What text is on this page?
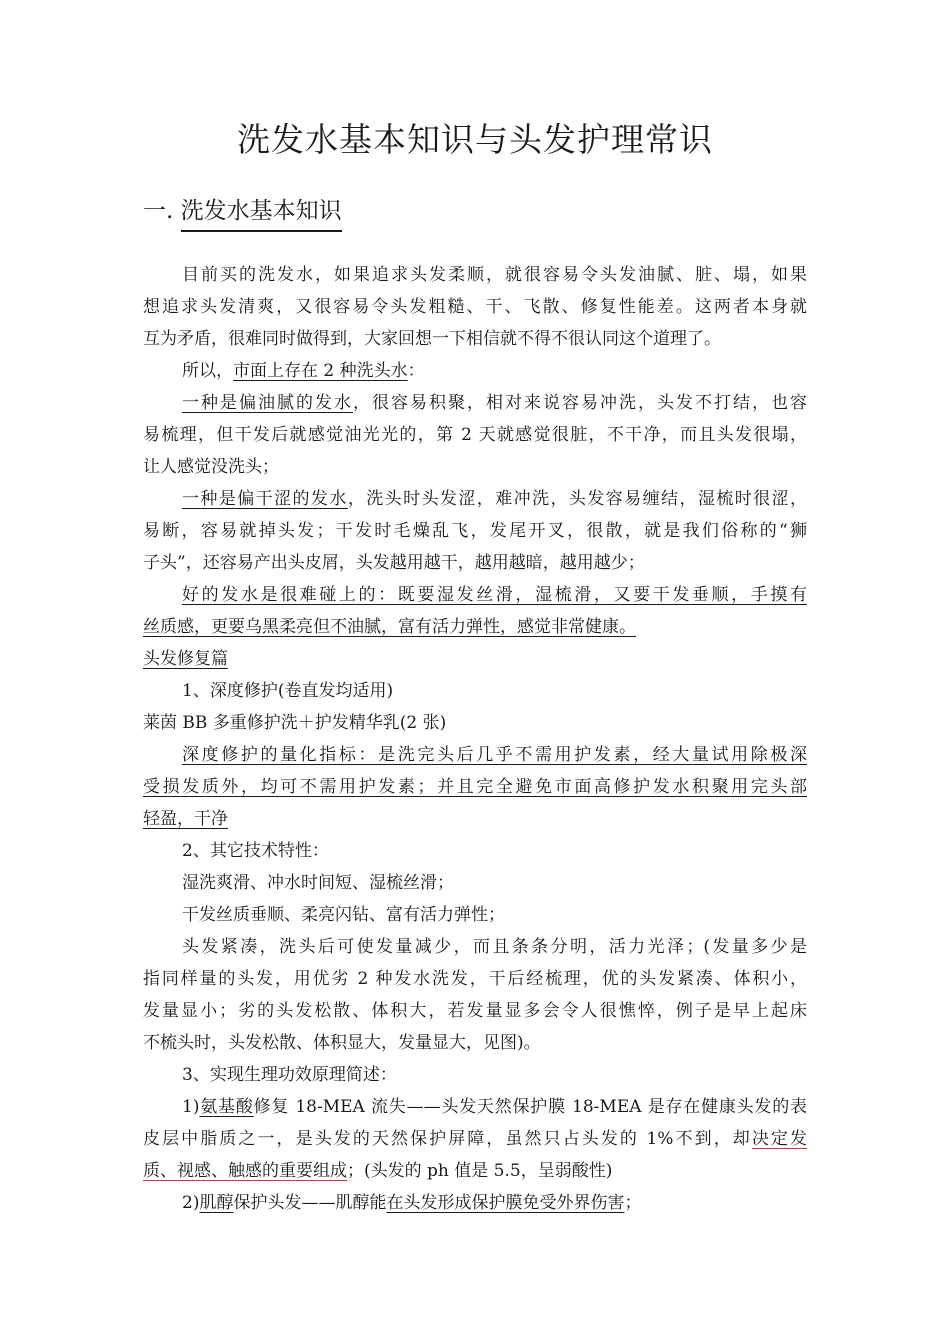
洗发水基本知识与头发护理常识
一. 洗发水基本知识
目前买的洗发水，如果追求头发柔顺，就很容易令头发油腻、脏、塌，如果
想追求头发清爽，又很容易令头发粗糙、干、飞散、修复性能差。这两者本身就
互为矛盾，很难同时做得到，大家回想一下相信就不得不很认同这个道理了。
所以，市面上存在 2 种洗头水：
一种是偏油腻的发水，很容易积聚，相对来说容易冲洗，头发不打结，也容
易梳理，但干发后就感觉油光光的，第 2 天就感觉很脏，不干净，而且头发很塌，
让人感觉没洗头；
一种是偏干涩的发水，洗头时头发涩，难冲洗，头发容易缠结，湿梳时很涩，
易断，容易就掉头发；干发时毛燥乱飞，发尾开叉，很散，就是我们俗称的“狮
子头”，还容易产出头皮屑，头发越用越干，越用越暗，越用越少；
好的发水是很难碰上的：既要湿发丝滑，湿梳滑，又要干发垂顺，手摸有
丝质感，更要乌黑柔亮但不油腻，富有活力弹性，感觉非常健康。
头发修复篇
1、深度修护(卷直发均适用)
莱茵 BB 多重修护洗＋护发精华乳(2 张)
深度修护的量化指标：是洗完头后几乎不需用护发素，经大量试用除极深
受损发质外，均可不需用护发素；并且完全避免市面高修护发水积聚用完头部
轻盈，干净
2、其它技术特性：
湿洗爽滑、冲水时间短、湿梳丝滑；
干发丝质垂顺、柔亮闪钻、富有活力弹性；
头发紧凑，洗头后可使发量减少，而且条条分明，活力光泽；(发量多少是
指同样量的头发，用优劣 2 种发水洗发，干后经梳理，优的头发紧凑、体积小，
发量显小；劣的头发松散、体积大，若发量显多会令人很憔悴，例子是早上起床
不梳头时，头发松散、体积显大，发量显大，见图)。
3、实现生理功效原理简述：
1)氨基酸修复 18-MEA 流失——头发天然保护膜 18-MEA 是存在健康头发的表
皮层中脂质之一，是头发的天然保护屏障，虽然只占头发的 1%不到，却决定发
质、视感、触感的重要组成；(头发的 ph 值是 5.5，呈弱酸性)
2)肌醇保护头发——肌醇能在头发形成保护膜免受外界伤害；
